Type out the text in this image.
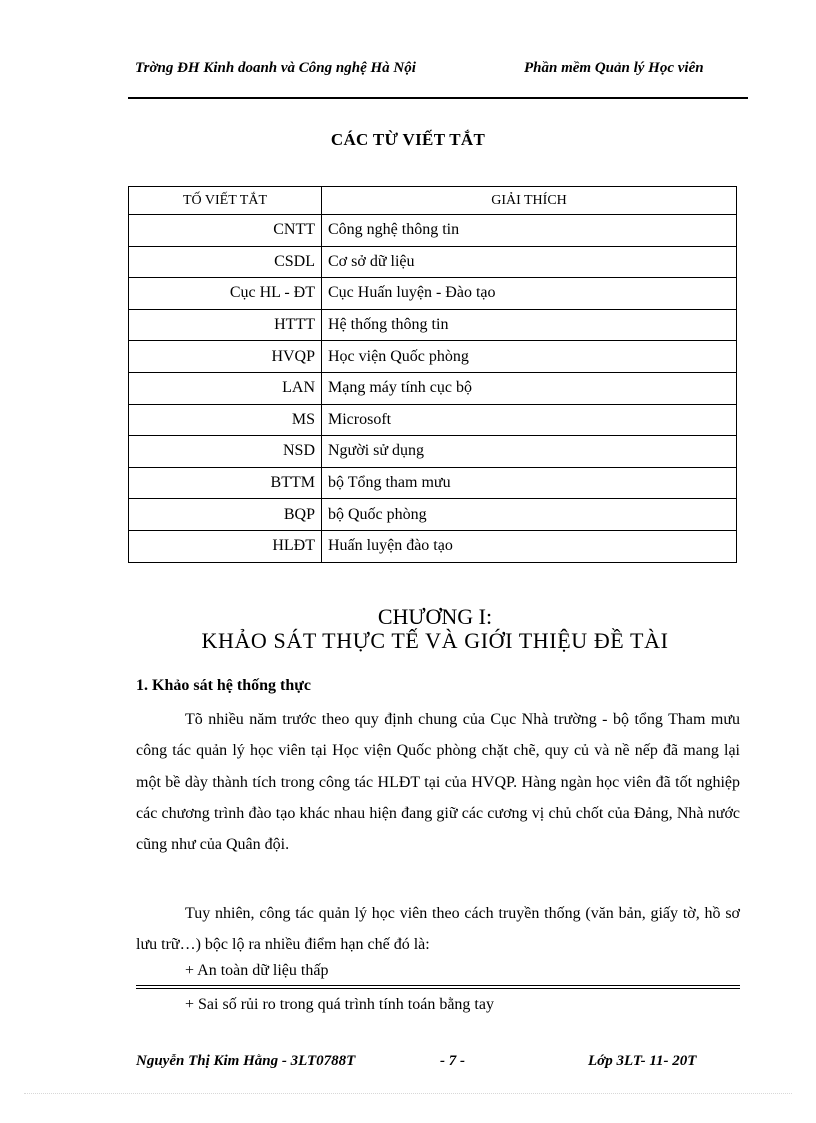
Trờng ĐH Kinh doanh và Công nghệ Hà Nội	Phần mềm Quản lý Học viên
CÁC TỪ VIẾT TẮT
TỐ VIẾT TẮT	GIẢI THÍCH
CNTT	Công nghệ thông tin
CSDL	Cơ sở dữ liệu
Cục HL - ĐT	Cục Huấn luyện - Đào tạo
HTTT	Hệ thống thông tin
HVQP	Học viện Quốc phòng
LAN	Mạng máy tính cục bộ
MS	Microsoft
NSD	Người sử dụng
BTTM	bộ Tổng tham mưu
BQP	bộ Quốc phòng
HLĐT	Huấn luyện đào tạo
CHƯƠNG I:
KHẢO SÁT THỰC TẾ VÀ GIỚI THIỆU ĐỀ TÀI
1. Khảo sát hệ thống thực

Tõ nhiều năm trước theo quy định chung của Cục Nhà trường - bộ tổng Tham mưu công tác quản lý học viên tại Học viện Quốc phòng chặt chẽ, quy củ và nề nếp đã mang lại một bề dày thành tích trong công tác HLĐT tại của HVQP. Hàng ngàn học viên đã tốt nghiệp các chương trình đào tạo khác nhau hiện đang giữ các cương vị chủ chốt của Đảng, Nhà nước cũng như của Quân đội.

Tuy nhiên, công tác quản lý học viên theo cách truyền thống (văn bản, giấy tờ, hồ sơ lưu trữ…) bộc lộ ra nhiều điểm hạn chế đó là:

+ An toàn dữ liệu thấp
+ Sai số rủi ro trong quá trình tính toán bằng tay
Nguyễn Thị Kim Hằng - 3LT0788T	- 7 -	Lớp 3LT- 11- 20T
